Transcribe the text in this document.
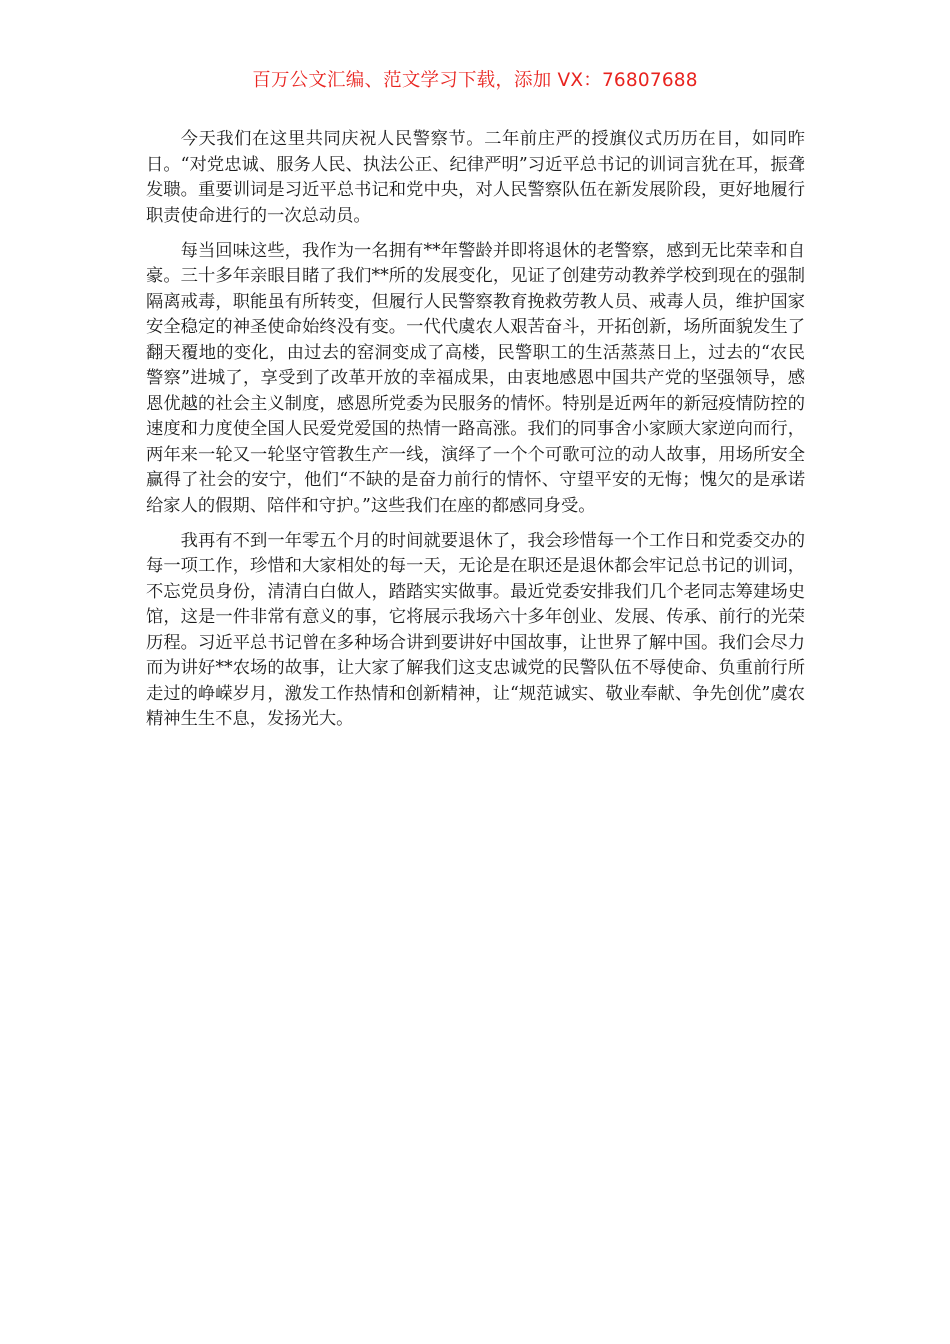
百万公文汇编、范文学习下载，添加 VX：76807688

今天我们在这里共同庆祝人民警察节。二年前庄严的授旗仪式历历在目，如同昨日。“对党忠诚、服务人民、执法公正、纪律严明”习近平总书记的训词言犹在耳，振聋发聩。重要训词是习近平总书记和党中央，对人民警察队伍在新发展阶段，更好地履行职责使命进行的一次总动员。

每当回味这些，我作为一名拥有**年警龄并即将退休的老警察，感到无比荣幸和自豪。三十多年亲眼目睹了我们**所的发展变化，见证了创建劳动教养学校到现在的强制隔离戒毒，职能虽有所转变，但履行人民警察教育挽救劳教人员、戒毒人员，维护国家安全稳定的神圣使命始终没有变。一代代虞农人艰苦奋斗，开拓创新，场所面貌发生了翻天覆地的变化，由过去的窑洞变成了高楼，民警职工的生活蒸蒸日上，过去的“农民警察”进城了，享受到了改革开放的幸福成果，由衷地感恩中国共产党的坚强领导，感恩优越的社会主义制度，感恩所党委为民服务的情怀。特别是近两年的新冠疫情防控的速度和力度使全国人民爱党爱国的热情一路高涨。我们的同事舍小家顾大家逆向而行，两年来一轮又一轮坚守管教生产一线，演绎了一个个可歌可泣的动人故事，用场所安全赢得了社会的安宁，他们“不缺的是奋力前行的情怀、守望平安的无悔；愧欠的是承诺给家人的假期、陪伴和守护。”这些我们在座的都感同身受。

我再有不到一年零五个月的时间就要退休了，我会珍惜每一个工作日和党委交办的每一项工作，珍惜和大家相处的每一天，无论是在职还是退休都会牢记总书记的训词，不忘党员身份，清清白白做人，踏踏实实做事。最近党委安排我们几个老同志筹建场史馆，这是一件非常有意义的事，它将展示我场六十多年创业、发展、传承、前行的光荣历程。习近平总书记曾在多种场合讲到要讲好中国故事，让世界了解中国。我们会尽力而为讲好**农场的故事，让大家了解我们这支忠诚党的民警队伍不辱使命、负重前行所走过的峥嵘岁月，激发工作热情和创新精神，让“规范诚实、敬业奉献、争先创优”虞农精神生生不息，发扬光大。
